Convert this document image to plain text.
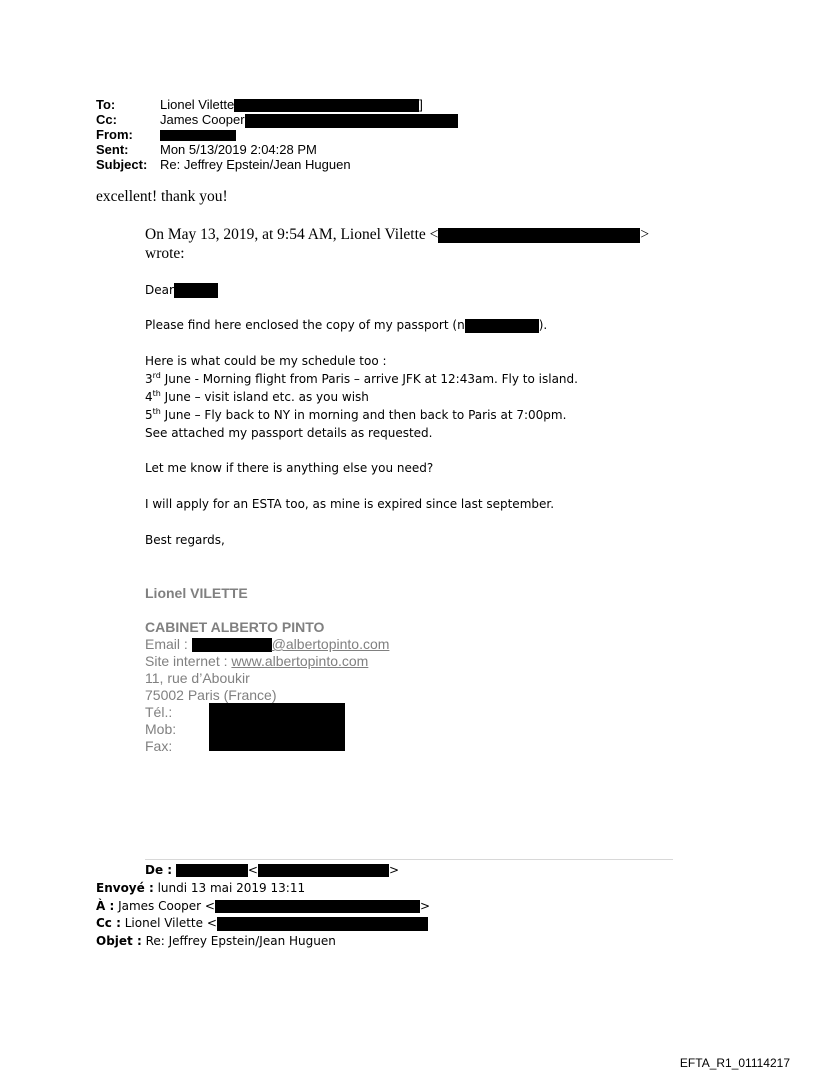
To:	Lionel Vilette	]
Cc:	James Cooper
From:
Sent: Mon 5/13/2019 2:04:28 PM
Subject: Re: Jeffrey Epstein/Jean Huguen
excellent! thank you!
On May 13, 2019, at 9:54 AM, Lionel Vilette <	>
wrote:
Dear
Please find here enclosed the copy of my passport (n	).
Here is what could be my schedule too :
3rd June - Morning flight from Paris – arrive JFK at 12:43am. Fly to island.
4th June – visit island etc. as you wish
5th June – Fly back to NY in morning and then back to Paris at 7:00pm.
See attached my passport details as requested.
Let me know if there is anything else you need?
I will apply for an ESTA too, as mine is expired since last september.
Best regards,
Lionel VILETTE
CABINET ALBERTO PINTO
Email :	@albertopinto.com
Site internet : www.albertopinto.com
11, rue d’Aboukir
75002 Paris (France)
Tél.:
Mob:
Fax:
De :	<	>
Envoyé : lundi 13 mai 2019 13:11
À : James Cooper <	>
Cc : Lionel Vilette <
Objet : Re: Jeffrey Epstein/Jean Huguen
EFTA_R1_01114217
